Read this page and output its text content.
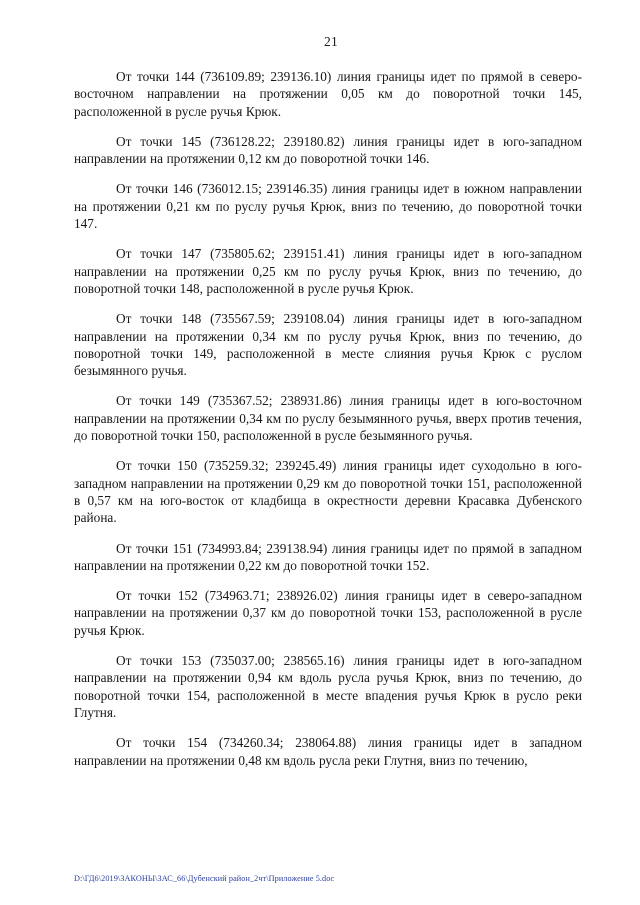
21

От точки 144 (736109.89; 239136.10) линия границы идет по прямой в северо-восточном направлении на протяжении 0,05 км до поворотной точки 145, расположенной в русле ручья Крюк.

От точки 145 (736128.22; 239180.82) линия границы идет в юго-западном направлении на протяжении 0,12 км до поворотной точки 146.

От точки 146 (736012.15; 239146.35) линия границы идет в южном направлении на протяжении 0,21 км по руслу ручья Крюк, вниз по течению, до поворотной точки 147.

От точки 147 (735805.62; 239151.41) линия границы идет в юго-западном направлении на протяжении 0,25 км по руслу ручья Крюк, вниз по течению, до поворотной точки 148, расположенной в русле ручья Крюк.

От точки 148 (735567.59; 239108.04) линия границы идет в юго-западном направлении на протяжении 0,34 км по руслу ручья Крюк, вниз по течению, до поворотной точки 149, расположенной в месте слияния ручья Крюк с руслом безымянного ручья.

От точки 149 (735367.52; 238931.86) линия границы идет в юго-восточном направлении на протяжении 0,34 км по руслу безымянного ручья, вверх против течения, до поворотной точки 150, расположенной в русле безымянного ручья.

От точки 150 (735259.32; 239245.49) линия границы идет суходольно в юго-западном направлении на протяжении 0,29 км до поворотной точки 151, расположенной в 0,57 км на юго-восток от кладбища в окрестности деревни Красавка Дубенского района.

От точки 151 (734993.84; 239138.94) линия границы идет по прямой в западном направлении на протяжении 0,22 км до поворотной точки 152.

От точки 152 (734963.71; 238926.02) линия границы идет в северо-западном направлении на протяжении 0,37 км до поворотной точки 153, расположенной в русле ручья Крюк.

От точки 153 (735037.00; 238565.16) линия границы идет в юго-западном направлении на протяжении 0,94 км вдоль русла ручья Крюк, вниз по течению, до поворотной точки 154, расположенной в месте впадения ручья Крюк в русло реки Глутня.

От точки 154 (734260.34; 238064.88) линия границы идет в западном направлении на протяжении 0,48 км вдоль русла реки Глутня, вниз по течению,

D:\ГД6\2019\ЗАКОНЫ\ЗАС_66\Дубенский район_2чт\Приложение 5.doc
